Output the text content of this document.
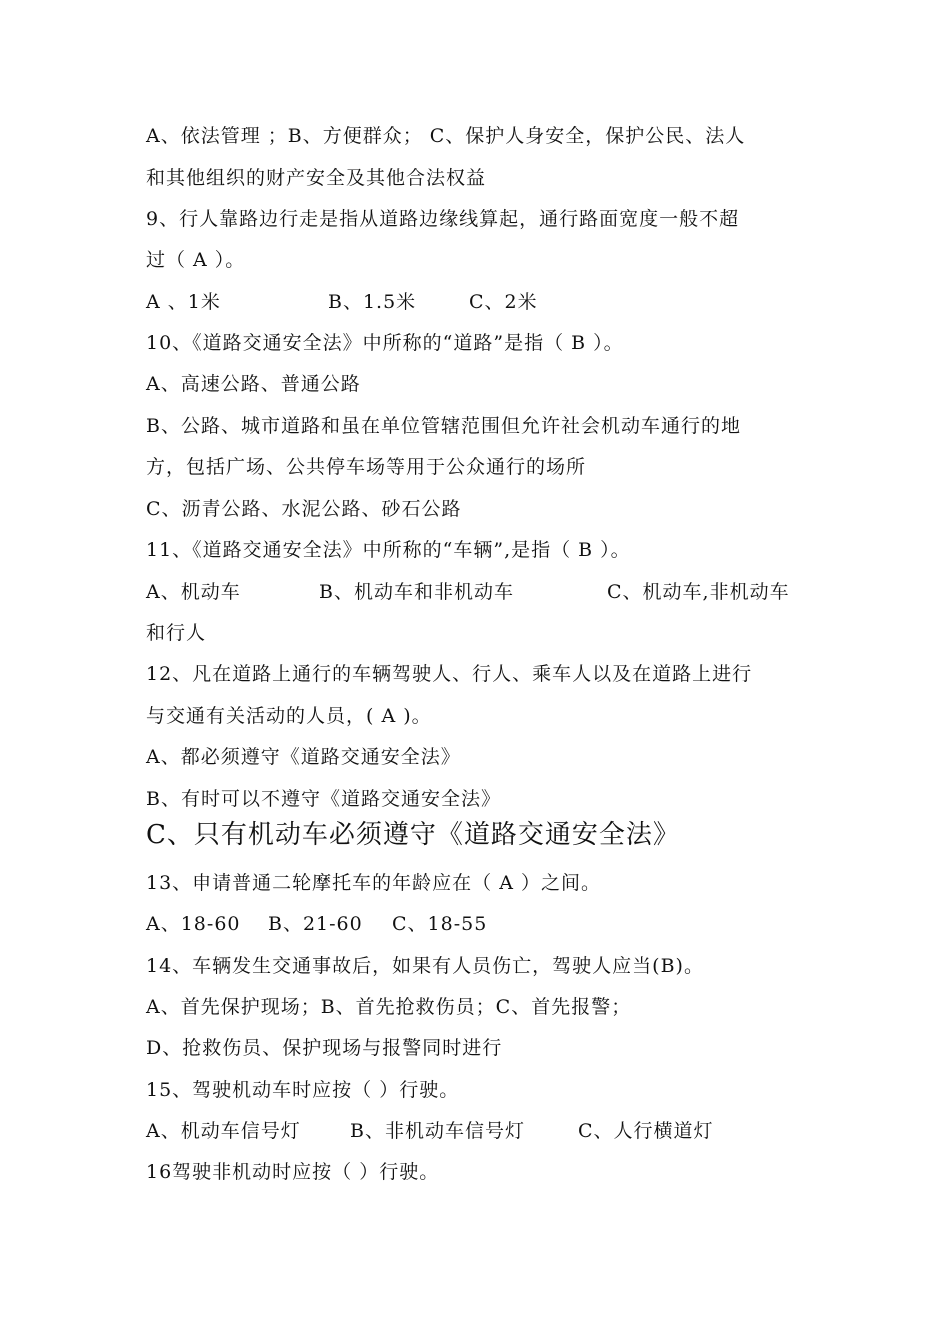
A、依法管理 ；B、方便群众； C、保护人身安全，保护公民、法人
和其他组织的财产安全及其他合法权益
9、行人靠路边行走是指从道路边缘线算起，通行路面宽度一般不超
过（ A ）。
A 、1米	B、1.5米	C、2米
10、《道路交通安全法》中所称的“道路”是指（ B ）。
A、高速公路、普通公路
B、公路、城市道路和虽在单位管辖范围但允许社会机动车通行的地
方，包括广场、公共停车场等用于公众通行的场所
C、沥青公路、水泥公路、砂石公路
11、《道路交通安全法》中所称的“车辆”,是指（ B ）。
A、机动车	B、机动车和非机动车	C、机动车,非机动车
和行人
12、凡在道路上通行的车辆驾驶人、行人、乘车人以及在道路上进行
与交通有关活动的人员，( A )。
A、都必须遵守《道路交通安全法》
B、有时可以不遵守《道路交通安全法》
C、只有机动车必须遵守《道路交通安全法》
13、申请普通二轮摩托车的年龄应在（ A ）之间。
A、18-60 B、21-60 C、18-55
14、车辆发生交通事故后，如果有人员伤亡，驾驶人应当(B)。
A、首先保护现场；B、首先抢救伤员；C、首先报警；
D、抢救伤员、保护现场与报警同时进行
15、驾驶机动车时应按（ ）行驶。
A、机动车信号灯	B、非机动车信号灯	C、人行横道灯
16驾驶非机动时应按（ ）行驶。
